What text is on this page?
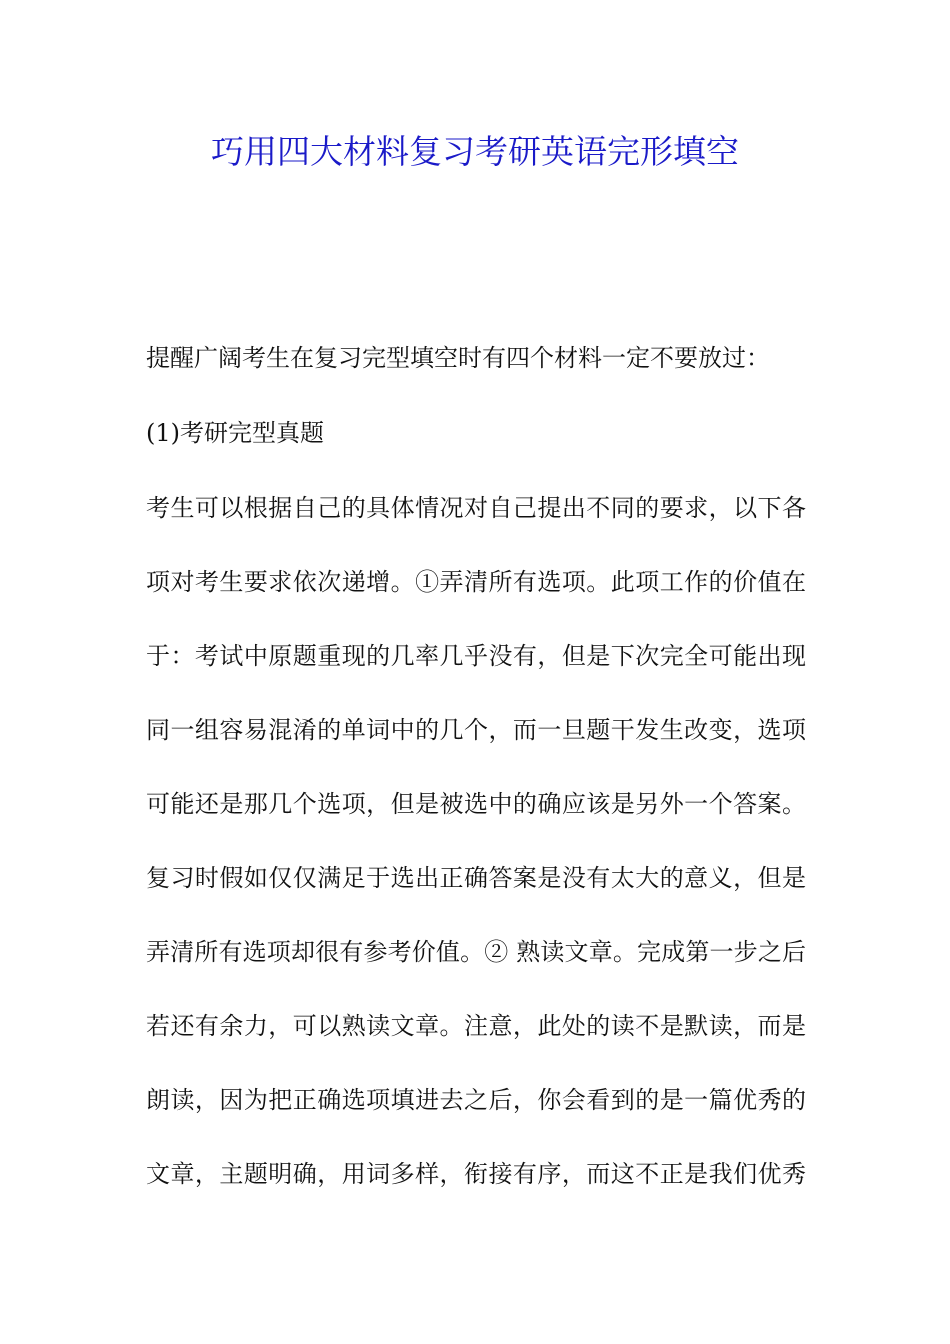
巧用四大材料复习考研英语完形填空
提醒广阔考生在复习完型填空时有四个材料一定不要放过：
(1)考研完型真题
考生可以根据自己的具体情况对自己提出不同的要求，以下各
项对考生要求依次递增。①弄清所有选项。此项工作的价值在
于：考试中原题重现的几率几乎没有，但是下次完全可能出现
同一组容易混淆的单词中的几个，而一旦题干发生改变，选项
可能还是那几个选项，但是被选中的确应该是另外一个答案。
复习时假如仅仅满足于选出正确答案是没有太大的意义，但是
弄清所有选项却很有参考价值。② 熟读文章。完成第一步之后
若还有余力，可以熟读文章。注意，此处的读不是默读，而是
朗读，因为把正确选项填进去之后，你会看到的是一篇优秀的
文章，主题明确，用词多样，衔接有序，而这不正是我们优秀
